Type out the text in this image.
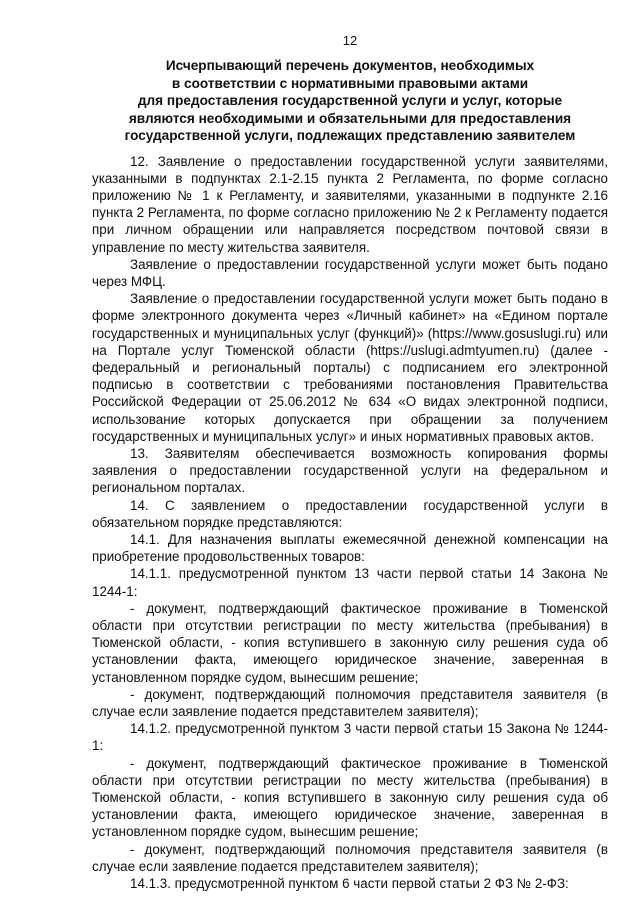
12
Исчерпывающий перечень документов, необходимых
в соответствии с нормативными правовыми актами
для предоставления государственной услуги и услуг, которые
являются необходимыми и обязательными для предоставления
государственной услуги, подлежащих представлению заявителем

12. Заявление о предоставлении государственной услуги заявителями, указанными в подпунктах 2.1-2.15 пункта 2 Регламента, по форме согласно приложению № 1 к Регламенту, и заявителями, указанными в подпункте 2.16 пункта 2 Регламента, по форме согласно приложению № 2 к Регламенту подается при личном обращении или направляется посредством почтовой связи в управление по месту жительства заявителя.

Заявление о предоставлении государственной услуги может быть подано через МФЦ.

Заявление о предоставлении государственной услуги может быть подано в форме электронного документа через «Личный кабинет» на «Едином портале государственных и муниципальных услуг (функций)» (https://www.gosuslugi.ru) или на Портале услуг Тюменской области (https://uslugi.admtyumen.ru) (далее - федеральный и региональный порталы) с подписанием его электронной подписью в соответствии с требованиями постановления Правительства Российской Федерации от 25.06.2012 № 634 «О видах электронной подписи, использование которых допускается при обращении за получением государственных и муниципальных услуг» и иных нормативных правовых актов.

13. Заявителям обеспечивается возможность копирования формы заявления о предоставлении государственной услуги на федеральном и региональном порталах.

14. С заявлением о предоставлении государственной услуги в обязательном порядке представляются:

14.1. Для назначения выплаты ежемесячной денежной компенсации на приобретение продовольственных товаров:

14.1.1. предусмотренной пунктом 13 части первой статьи 14 Закона № 1244-1:

- документ, подтверждающий фактическое проживание в Тюменской области при отсутствии регистрации по месту жительства (пребывания) в Тюменской области, - копия вступившего в законную силу решения суда об установлении факта, имеющего юридическое значение, заверенная в установленном порядке судом, вынесшим решение;

- документ, подтверждающий полномочия представителя заявителя (в случае если заявление подается представителем заявителя);

14.1.2. предусмотренной пунктом 3 части первой статьи 15 Закона № 1244-1:

- документ, подтверждающий фактическое проживание в Тюменской области при отсутствии регистрации по месту жительства (пребывания) в Тюменской области, - копия вступившего в законную силу решения суда об установлении факта, имеющего юридическое значение, заверенная в установленном порядке судом, вынесшим решение;

- документ, подтверждающий полномочия представителя заявителя (в случае если заявление подается представителем заявителя);

14.1.3. предусмотренной пунктом 6 части первой статьи 2 ФЗ № 2-ФЗ:
